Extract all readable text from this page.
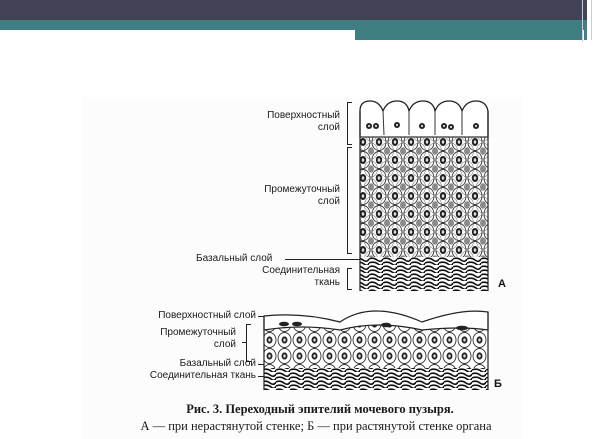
Поверхностный
слой
Промежуточный
слой
Базальный слой
Соединительная
ткань	А
Поверхностный слой
Промежуточный
слой
Базальный слой
Соединительная ткань
Б
Рис. 3. Переходный эпителий мочевого пузыря.
А — при нерастянутой стенке; Б — при растянутой стенке органа
